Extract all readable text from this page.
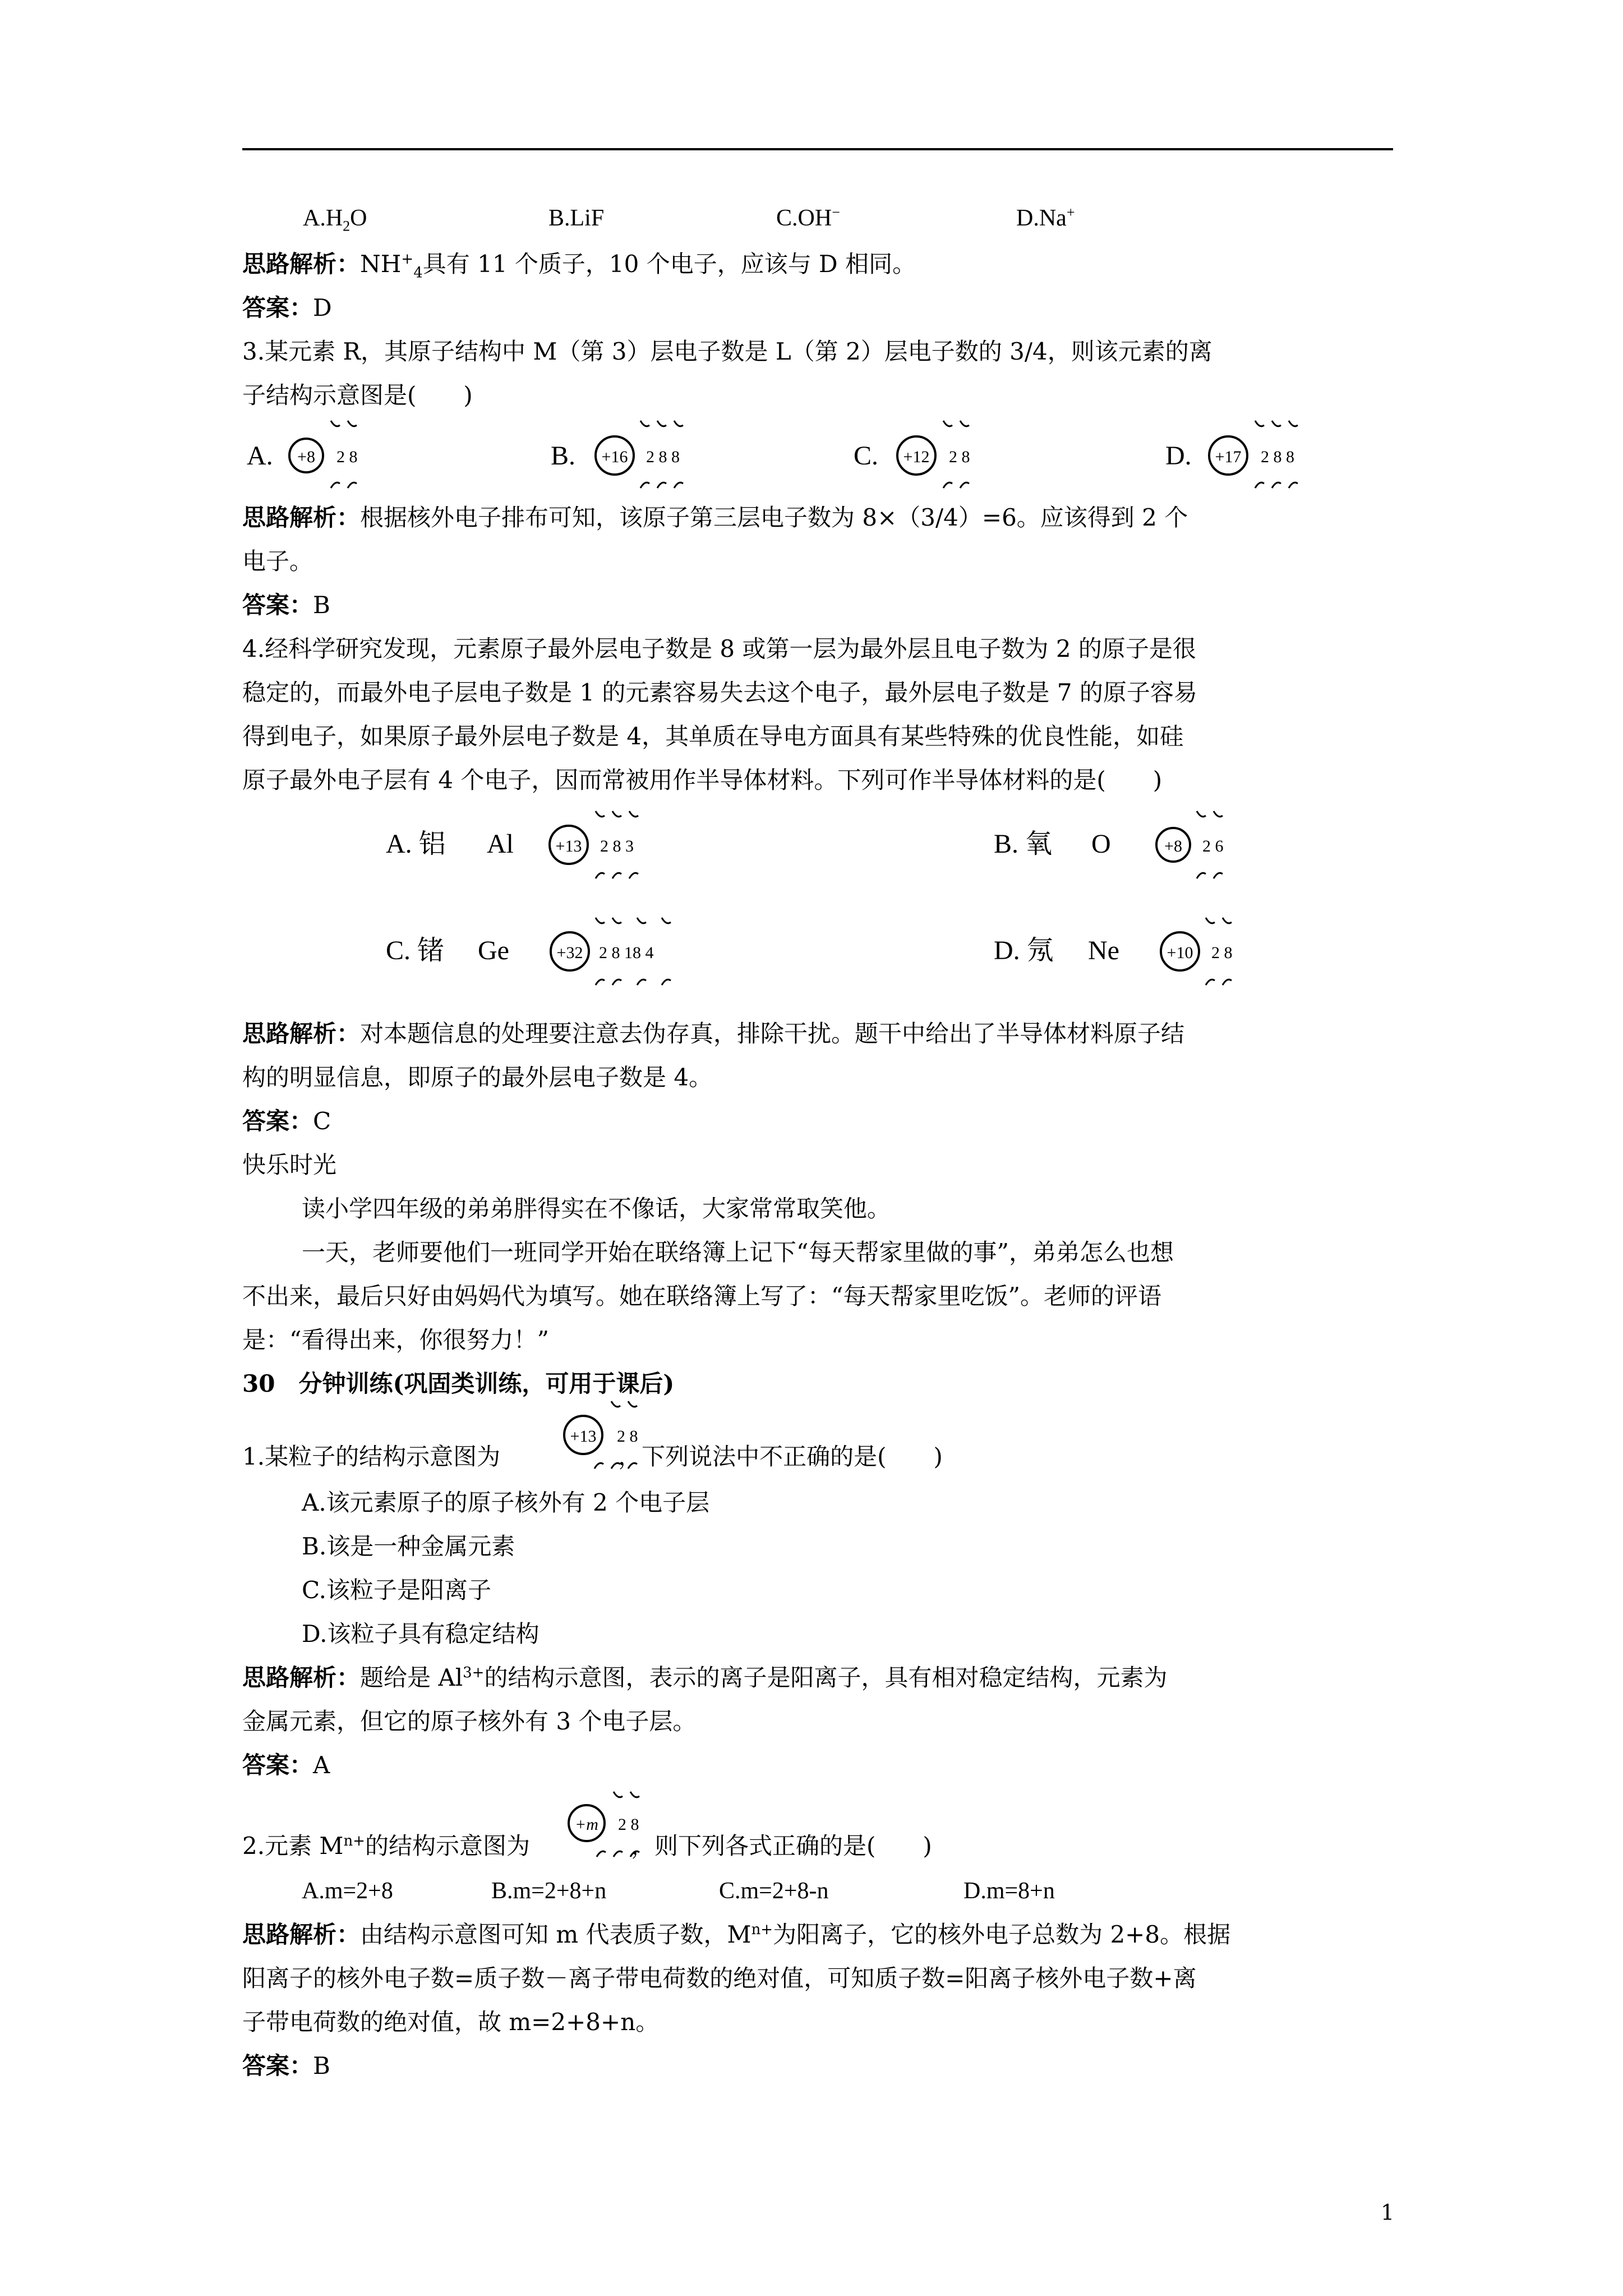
$A.H_2O$	B.LiF	C.OH−	D.Na+
思路解析：$NH^+_4$具有 11 个质子，10 个电子，应该与 D 相同。
答案：D
3.某元素 R，其原子结构中 M（第 3）层电子数是 L（第 2）层电子数的 3/4，则该元素的离
子结构示意图是(　　)
A. +8 2 8	B. +16 2 8 8	C. +12 2 8	D. +17 2 8 8
思路解析：根据核外电子排布可知，该原子第三层电子数为 8×（3/4）=6。应该得到 2 个
电子。
答案：B
4.经科学研究发现，元素原子最外层电子数是 8 或第一层为最外层且电子数为 2 的原子是很
稳定的，而最外电子层电子数是 1 的元素容易失去这个电子，最外层电子数是 7 的原子容易
得到电子，如果原子最外层电子数是 4，其单质在导电方面具有某些特殊的优良性能，如硅
原子最外电子层有 4 个电子，因而常被用作半导体材料。下列可作半导体材料的是(　　)
A. 铝 Al +13 2 8 3	B. 氧 O	+8 2 6
C. 锗 Ge	+32 2 8 18 4	D. 氖 Ne	+10 2 8
思路解析：对本题信息的处理要注意去伪存真，排除干扰。题干中给出了半导体材料原子结
构的明显信息，即原子的最外层电子数是 4。
答案：C
快乐时光
读小学四年级的弟弟胖得实在不像话，大家常常取笑他。
一天，老师要他们一班同学开始在联络簿上记下“每天帮家里做的事”，弟弟怎么也想
不出来，最后只好由妈妈代为填写。她在联络簿上写了：“每天帮家里吃饭”。老师的评语
是：“看得出来，你很努力！”
30　分钟训练(巩固类训练，可用于课后)
1.某粒子的结构示意图为	，下列说法中不正确的是(　　)
+13 2 8
A.该元素原子的原子核外有 2 个电子层
B.该是一种金属元素
C.该粒子是阳离子
D.该粒子具有稳定结构
思路解析：题给是 $Al^{3+}$的结构示意图，表示的离子是阳离子，具有相对稳定结构，元素为
金属元素，但它的原子核外有 3 个电子层。
答案：A
2.元素 $M^{n+}$的结构示意图为	，则下列各式正确的是(　　)
+m 2 8
A.m=2+8	B.m=2+8+n	C.m=2+8-n	D.m=8+n
思路解析：由结构示意图可知 m 代表质子数，$M^{n+}$为阳离子，它的核外电子总数为 2+8。根据
阳离子的核外电子数=质子数－离子带电荷数的绝对值，可知质子数=阳离子核外电子数+离
子带电荷数的绝对值，故 m=2+8+n。
答案：B
1
